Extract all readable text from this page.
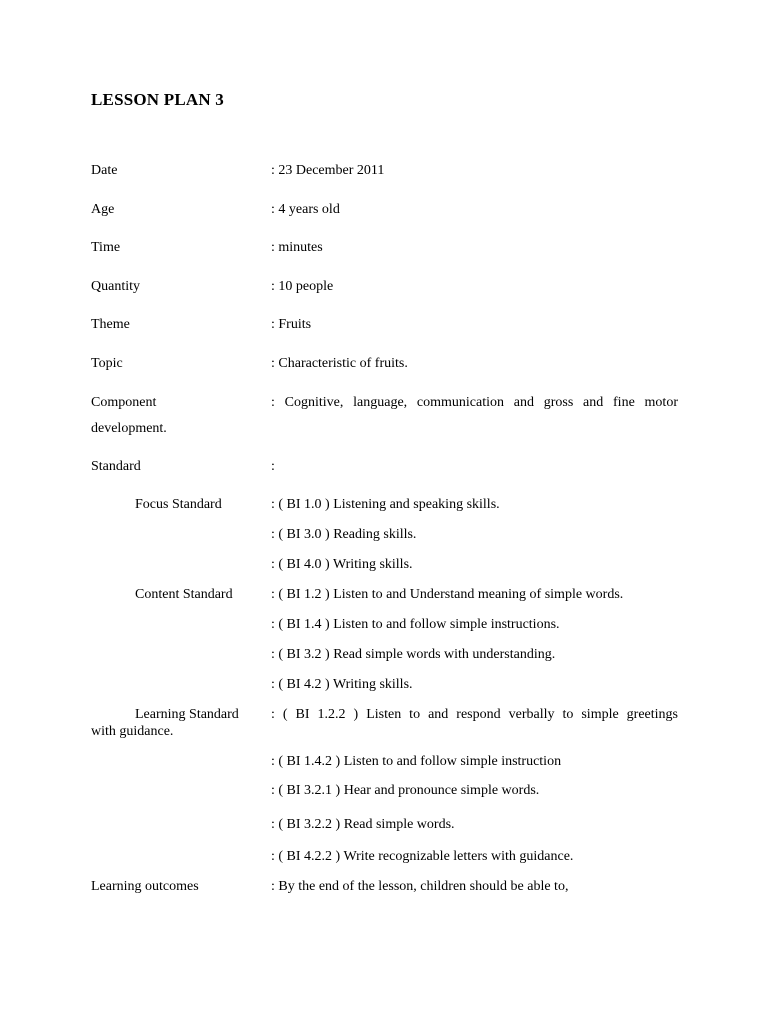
LESSON PLAN 3
Date	: 23 December 2011
Age	: 4 years old
Time	: minutes
Quantity	: 10 people
Theme	: Fruits
Topic	: Characteristic of fruits.
Component	: Cognitive, language, communication and gross and fine motor
development.
Standard	:
Focus Standard	: ( BI 1.0 ) Listening and speaking skills.
: ( BI 3.0 ) Reading skills.
: ( BI 4.0 ) Writing skills.
Content Standard	: ( BI 1.2 ) Listen to and Understand meaning of simple words.
: ( BI 1.4 ) Listen to and follow simple instructions.
: ( BI 3.2 ) Read simple words with understanding.
: ( BI 4.2 ) Writing skills.
Learning Standard : ( BI 1.2.2 ) Listen to and respond verbally to simple greetings
with guidance.
: ( BI 1.4.2 ) Listen to and follow simple instruction
: ( BI 3.2.1 ) Hear and pronounce simple words.
: ( BI 3.2.2 ) Read simple words.
: ( BI 4.2.2 ) Write recognizable letters with guidance.
Learning outcomes	: By the end of the lesson, children should be able to,
